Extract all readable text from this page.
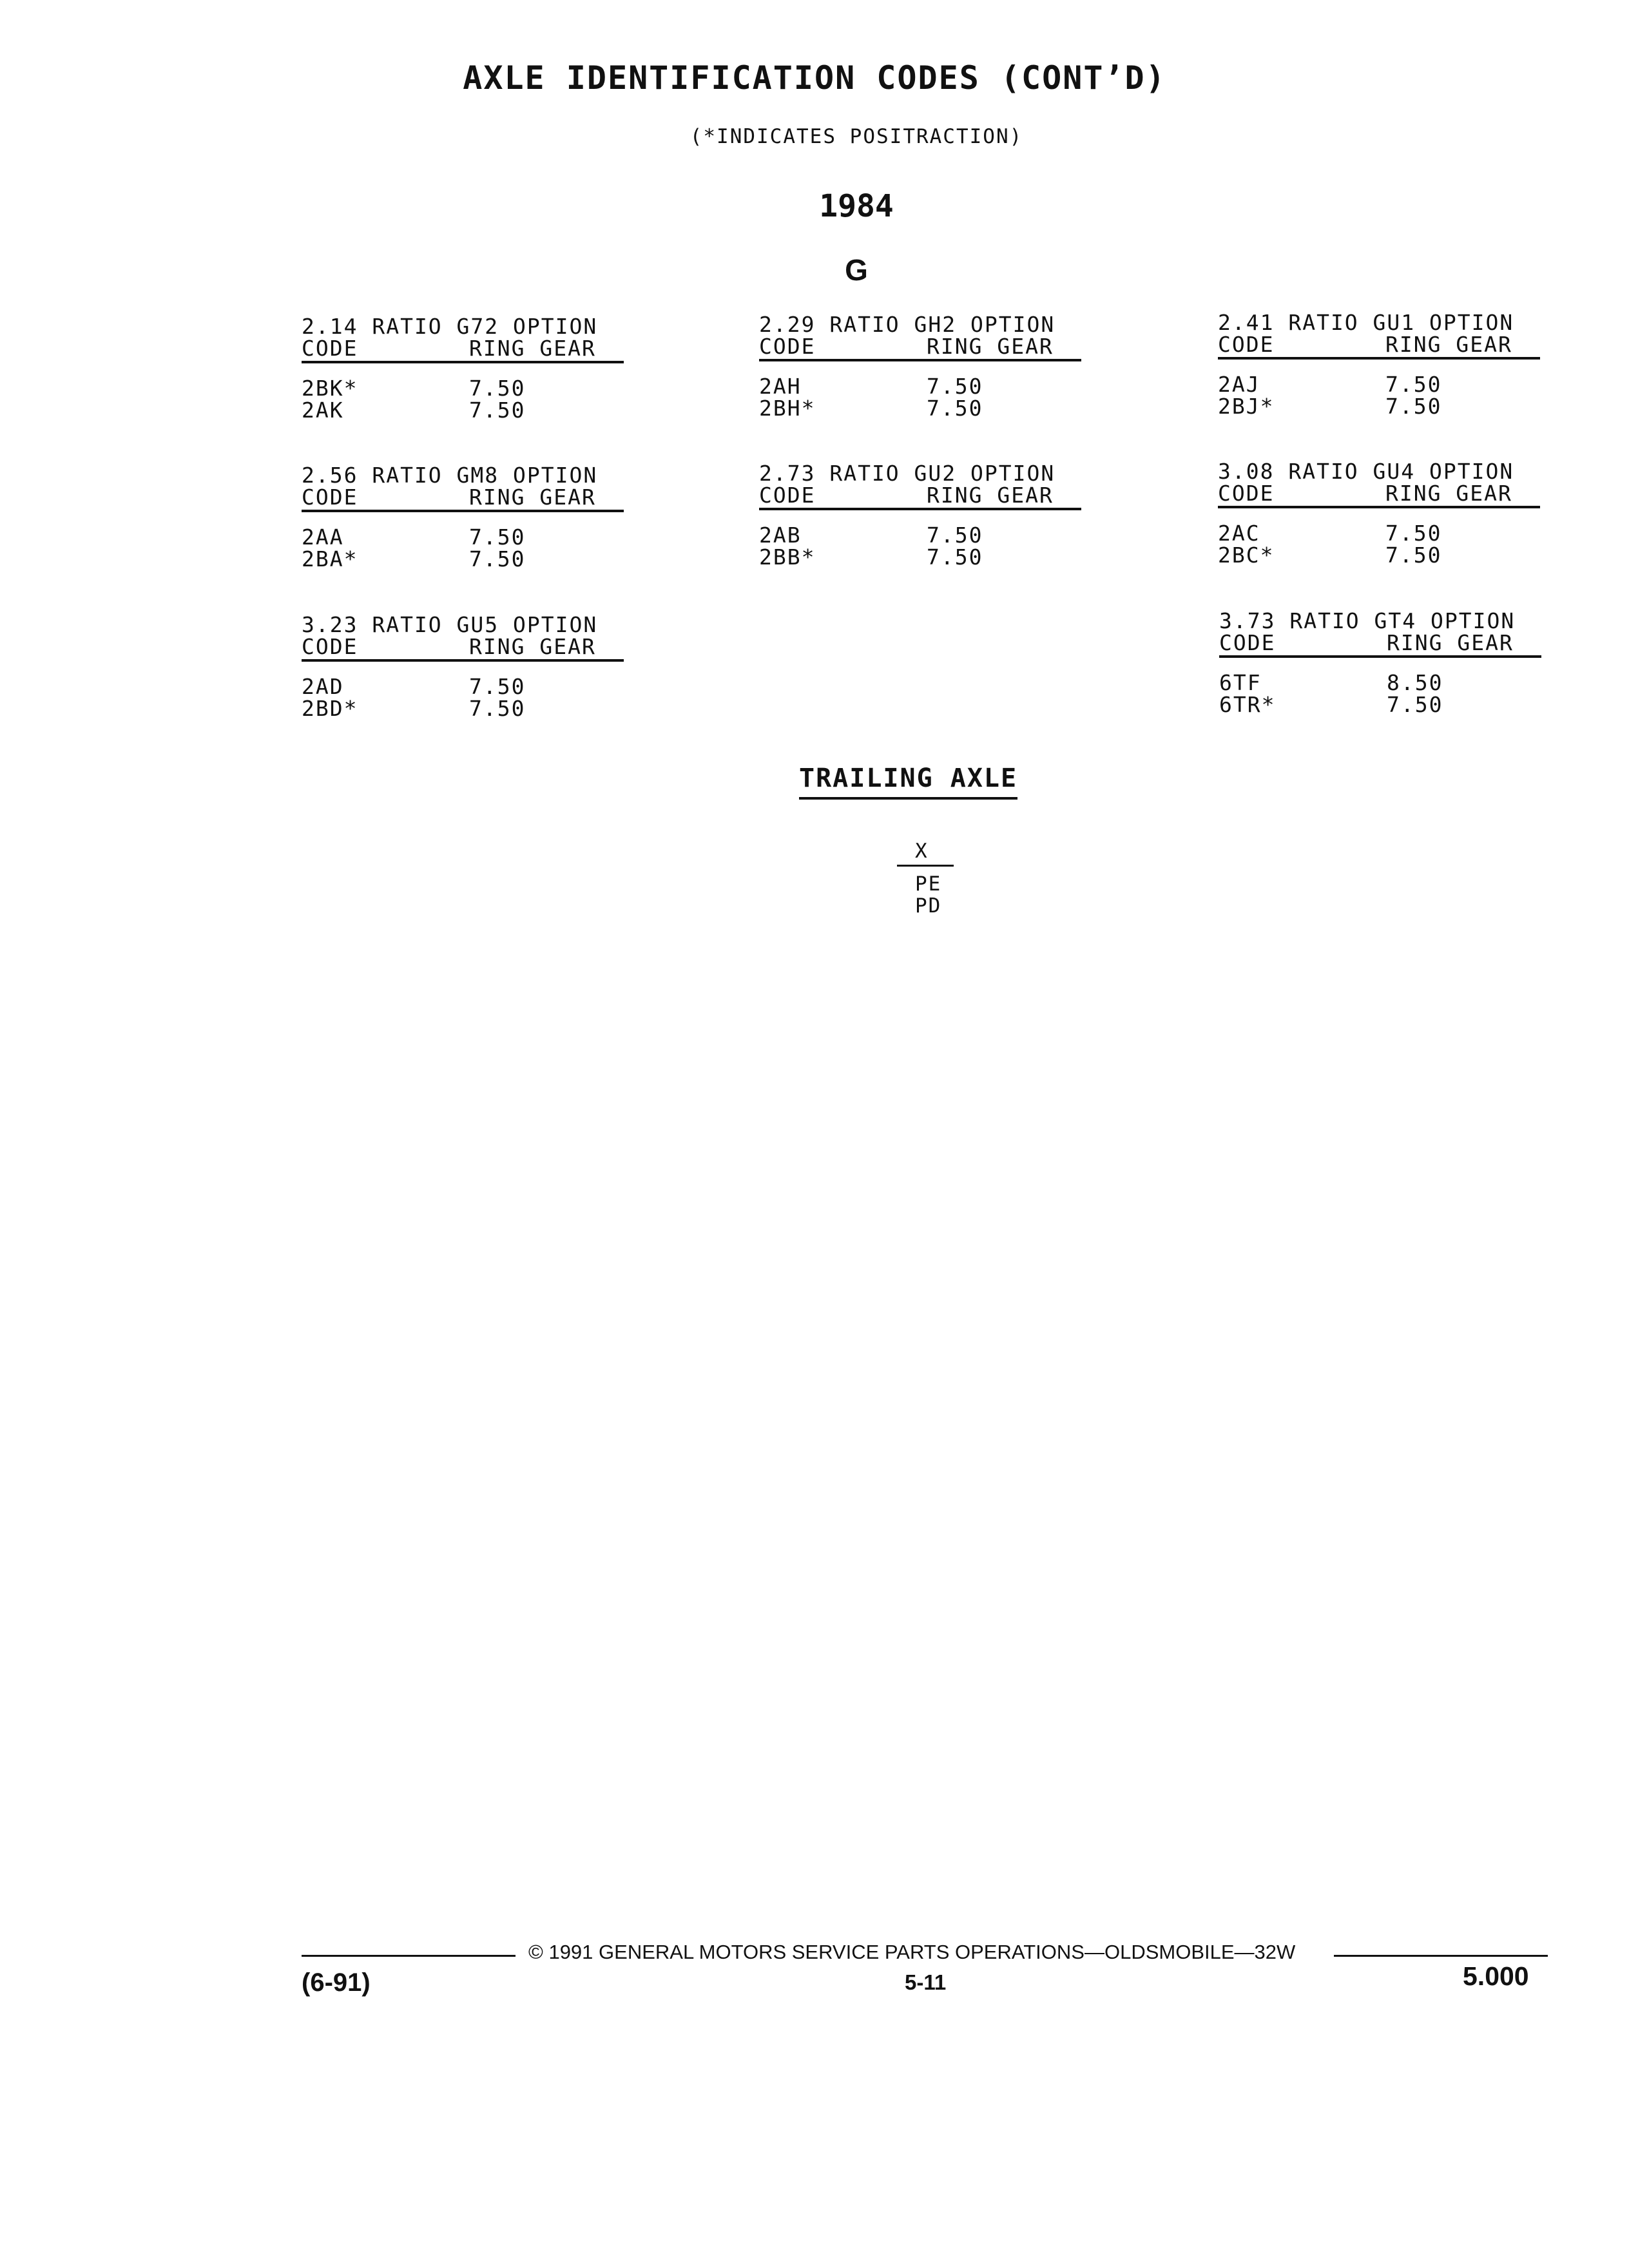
AXLE IDENTIFICATION CODES (CONT’D)
(*INDICATES POSITRACTION)
1984
G
2.14 RATIO G72 OPTION
CODE	RING GEAR
2BK*	7.50
2AK	7.50
2.29 RATIO GH2 OPTION
CODE	RING GEAR
2AH	7.50
2BH*	7.50
2.41 RATIO GU1 OPTION
CODE	RING GEAR
2AJ	7.50
2BJ*	7.50
2.56 RATIO GM8 OPTION
CODE	RING GEAR
2AA	7.50
2BA*	7.50
2.73 RATIO GU2 OPTION
CODE	RING GEAR
2AB	7.50
2BB*	7.50
3.08 RATIO GU4 OPTION
CODE	RING GEAR
2AC	7.50
2BC*	7.50
3.23 RATIO GU5 OPTION
CODE	RING GEAR
2AD	7.50
2BD*	7.50
3.73 RATIO GT4 OPTION
CODE	RING GEAR
6TF	8.50
6TR*	7.50
TRAILING AXLE
X
PE
PD
© 1991 GENERAL MOTORS SERVICE PARTS OPERATIONS—OLDSMOBILE—32W
(6-91)	5-11	5.000
